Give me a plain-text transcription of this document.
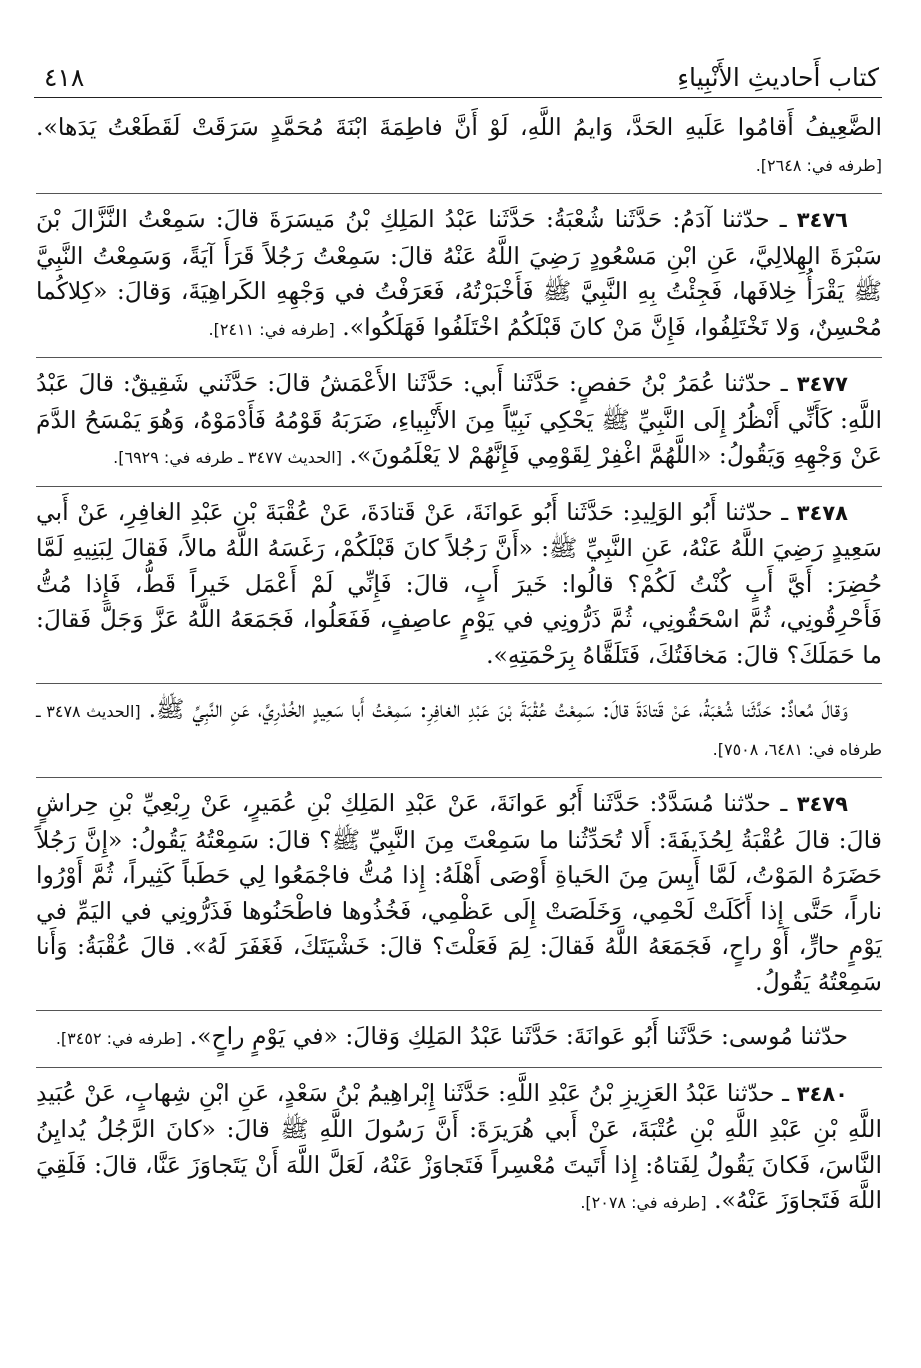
٤١٨	كتاب أَحاديثِ الأَنْبِياءِ

الضَّعِيفُ أَقامُوا عَلَيهِ الحَدَّ، وَايمُ اللَّهِ، لَوْ أَنَّ فاطِمَةَ ابْنَةَ مُحَمَّدٍ سَرَقَتْ لَقَطَعْتُ يَدَها». [طرفه في: ٢٦٤٨].

٣٤٧٦ ـ حدّثنا آدَمُ: حَدَّثَنا شُعْبَةُ: حَدَّثَنا عَبْدُ المَلِكِ بْنُ مَيسَرَةَ قالَ: سَمِعْتُ النَّزَّالَ بْنَ سَبْرَةَ الهِلالِيَّ، عَنِ ابْنِ مَسْعُودٍ رَضِيَ اللَّهُ عَنْهُ قالَ: سَمِعْتُ رَجُلاً قَرَأَ آيَةً، وَسَمِعْتُ النَّبِيَّ ﷺ يَقْرَأُ خِلافَها، فَجِئْتُ بِهِ النَّبِيَّ ﷺ فَأَخْبَرْتُهُ، فَعَرَفْتُ في وَجْهِهِ الكَراهِيَةَ، وَقالَ: «كِلاكُما مُحْسِنٌ، وَلا تَخْتَلِفُوا، فَإِنَّ مَنْ كانَ قَبْلَكُمُ اخْتَلَفُوا فَهَلَكُوا». [طرفه في: ٢٤١١].

٣٤٧٧ ـ حدّثنا عُمَرُ بْنُ حَفصٍ: حَدَّثَنا أَبي: حَدَّثَنا الأَعْمَشُ قالَ: حَدَّثَني شَقِيقٌ: قالَ عَبْدُ اللَّهِ: كَأَنِّي أَنْظُرُ إِلَى النَّبِيِّ ﷺ يَحْكِي نَبِيّاً مِنَ الأَنْبِياءِ، ضَرَبَهُ قَوْمُهُ فَأَدْمَوْهُ، وَهُوَ يَمْسَحُ الدَّمَ عَنْ وَجْهِهِ وَيَقُولُ: «اللَّهُمَّ اغْفِرْ لِقَوْمِي فَإِنَّهُمْ لا يَعْلَمُونَ». [الحديث ٣٤٧٧ ـ طرفه في: ٦٩٢٩].

٣٤٧٨ ـ حدّثنا أَبُو الوَلِيدِ: حَدَّثَنا أَبُو عَوانَةَ، عَنْ قَتادَةَ، عَنْ عُقْبَةَ بْنِ عَبْدِ الغافِرِ، عَنْ أَبي سَعِيدٍ رَضِيَ اللَّهُ عَنْهُ، عَنِ النَّبِيِّ ﷺ: «أَنَّ رَجُلاً كانَ قَبْلَكُمْ، رَغَسَهُ اللَّهُ مالاً، فَقالَ لِبَنِيهِ لَمَّا حُضِرَ: أَيَّ أَبٍ كُنْتُ لَكُمْ؟ قالُوا: خَيرَ أَبٍ، قالَ: فَإِنِّي لَمْ أَعْمَل خَيراً قَطُّ، فَإِذا مُتُّ فَأَحْرِقُونِي، ثُمَّ اسْحَقُونِي، ثُمَّ ذَرُّونِي في يَوْمٍ عاصِفٍ، فَفَعَلُوا، فَجَمَعَهُ اللَّهُ عَزَّ وَجَلَّ فَقالَ: ما حَمَلَكَ؟ قالَ: مَخافَتُكَ، فَتَلَقَّاهُ بِرَحْمَتِهِ».

وَقالَ مُعاذٌ: حَدَّثَنا شُعْبَةُ، عَنْ قَتادَةَ قالَ: سَمِعْتُ عُقْبَةَ بْنَ عَبْدِ الغافِرِ: سَمِعْتُ أَبا سَعِيدٍ الخُدْرِيَّ، عَنِ النَّبِيِّ ﷺ. [الحديث ٣٤٧٨ ـ طرفاه في: ٦٤٨١، ٧٥٠٨].

٣٤٧٩ ـ حدّثنا مُسَدَّدٌ: حَدَّثَنا أَبُو عَوانَةَ، عَنْ عَبْدِ المَلِكِ بْنِ عُمَيرٍ، عَنْ رِبْعِيِّ بْنِ حِراشٍ قالَ: قالَ عُقْبَةُ لِحُذَيفَةَ: أَلا تُحَدِّثُنا ما سَمِعْتَ مِنَ النَّبِيِّ ﷺ؟ قالَ: سَمِعْتُهُ يَقُولُ: «إِنَّ رَجُلاً حَضَرَهُ المَوْتُ، لَمَّا أَيِسَ مِنَ الحَياةِ أَوْصَى أَهْلَهُ: إِذا مُتُّ فاجْمَعُوا لِي حَطَباً كَثِيراً، ثُمَّ أَوْرُوا ناراً، حَتَّى إِذا أَكَلَتْ لَحْمِي، وَخَلَصَتْ إِلَى عَظْمِي، فَخُذُوها فاطْحَنُوها فَذَرُّونِي في اليَمِّ في يَوْمٍ حارٍّ، أَوْ راحٍ، فَجَمَعَهُ اللَّهُ فَقالَ: لِمَ فَعَلْتَ؟ قالَ: خَشْيَتَكَ، فَغَفَرَ لَهُ». قالَ عُقْبَةُ: وَأَنا سَمِعْتُهُ يَقُولُ.

حدّثنا مُوسى: حَدَّثَنا أَبُو عَوانَةَ: حَدَّثَنا عَبْدُ المَلِكِ وَقالَ: «في يَوْمٍ راحٍ». [طرفه في: ٣٤٥٢].

٣٤٨٠ ـ حدّثنا عَبْدُ العَزِيزِ بْنُ عَبْدِ اللَّهِ: حَدَّثَنا إِبْراهِيمُ بْنُ سَعْدٍ، عَنِ ابْنِ شِهابٍ، عَنْ عُبَيدِ اللَّهِ بْنِ عَبْدِ اللَّهِ بْنِ عُتْبَةَ، عَنْ أَبي هُرَيرَةَ: أَنَّ رَسُولَ اللَّهِ ﷺ قالَ: «كانَ الرَّجُلُ يُدايِنُ النَّاسَ، فَكانَ يَقُولُ لِفَتاهُ: إِذا أَتَيتَ مُعْسِراً فَتَجاوَزْ عَنْهُ، لَعَلَّ اللَّهَ أَنْ يَتَجاوَزَ عَنَّا، قالَ: فَلَقِيَ اللَّهَ فَتَجاوَزَ عَنْهُ». [طرفه في: ٢٠٧٨].
